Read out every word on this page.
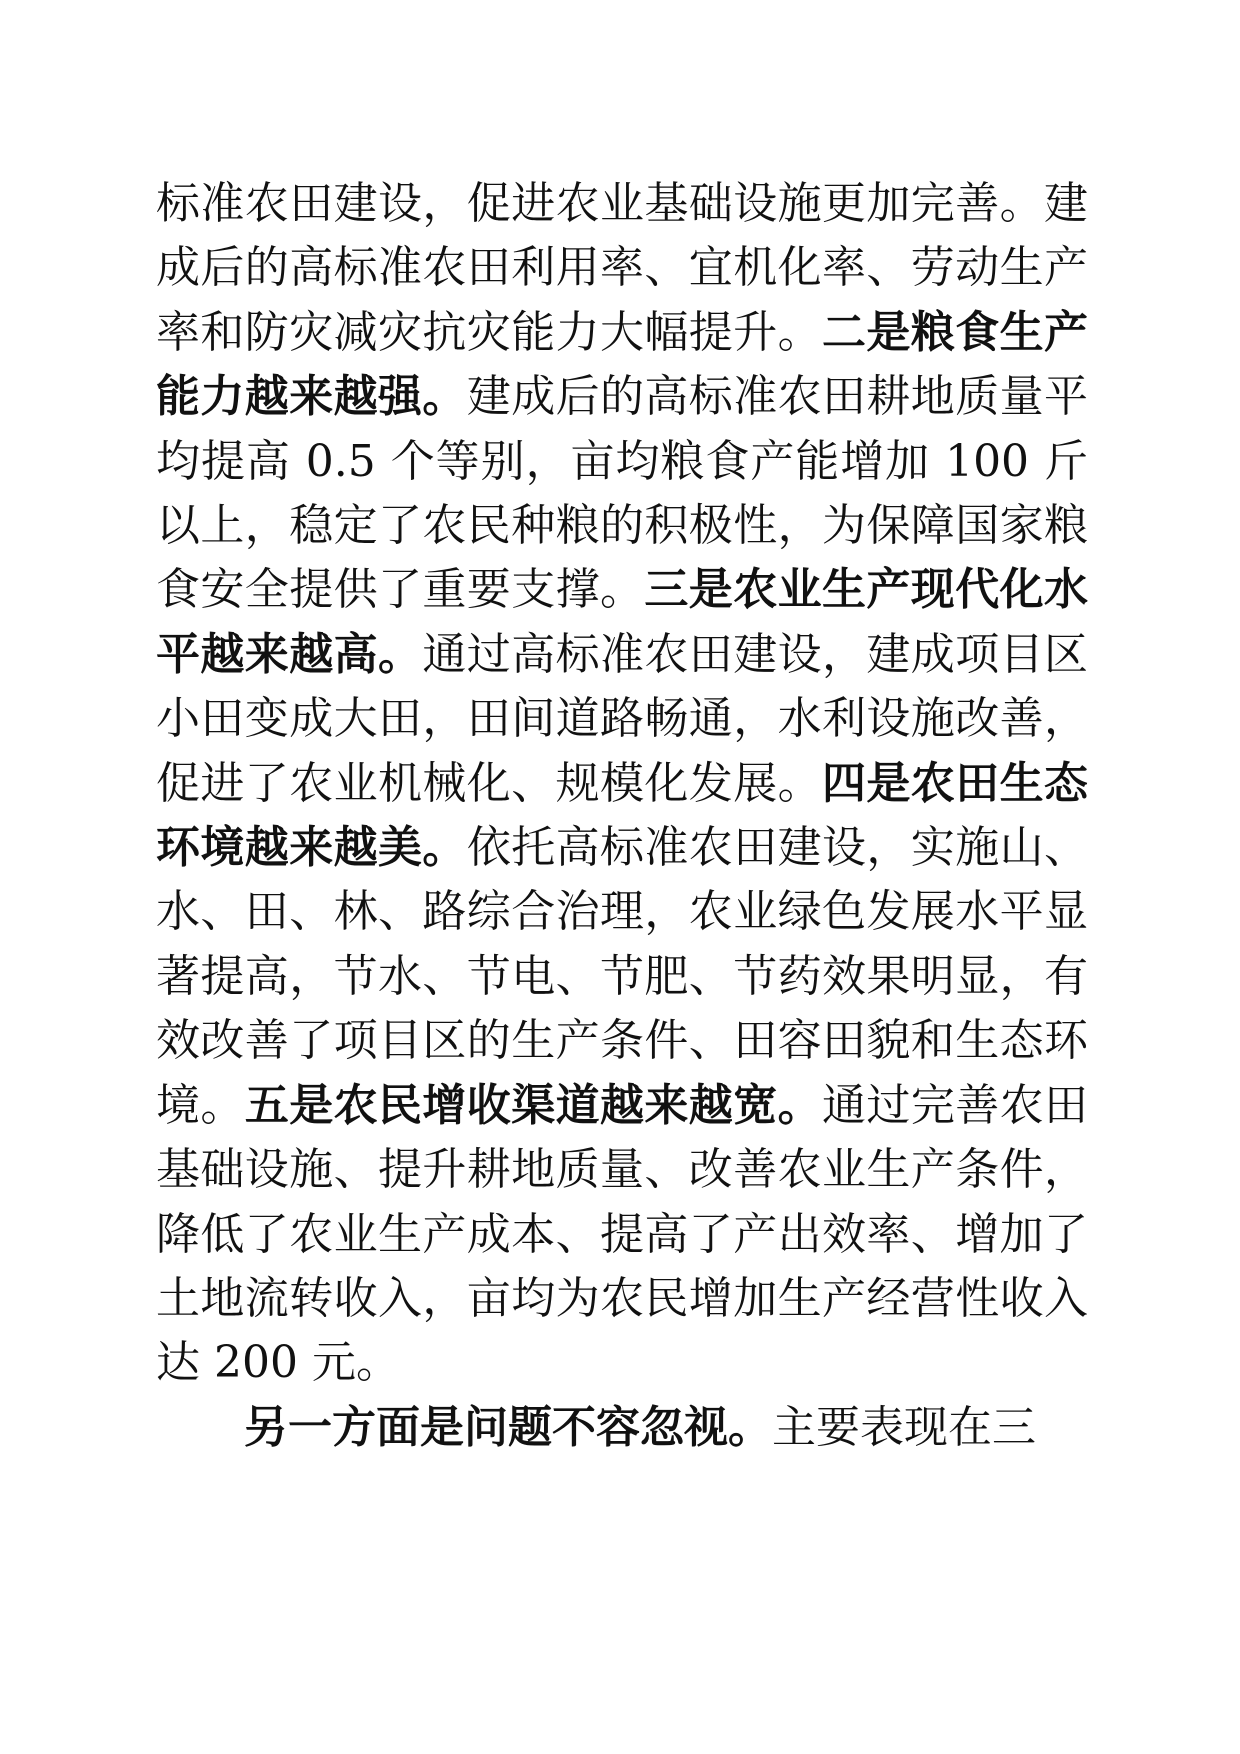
标准农田建设，促进农业基础设施更加完善。建成后的高标准农田利用率、宜机化率、劳动生产率和防灾减灾抗灾能力大幅提升。二是粮食生产能力越来越强。建成后的高标准农田耕地质量平均提高 0.5 个等别，亩均粮食产能增加 100 斤以上，稳定了农民种粮的积极性，为保障国家粮食安全提供了重要支撑。三是农业生产现代化水平越来越高。通过高标准农田建设，建成项目区小田变成大田，田间道路畅通，水利设施改善，促进了农业机械化、规模化发展。四是农田生态环境越来越美。依托高标准农田建设，实施山、水、田、林、路综合治理，农业绿色发展水平显著提高，节水、节电、节肥、节药效果明显，有效改善了项目区的生产条件、田容田貌和生态环境。五是农民增收渠道越来越宽。通过完善农田基础设施、提升耕地质量、改善农业生产条件，降低了农业生产成本、提高了产出效率、增加了土地流转收入，亩均为农民增加生产经营性收入达 200 元。

另一方面是问题不容忽视。主要表现在三
